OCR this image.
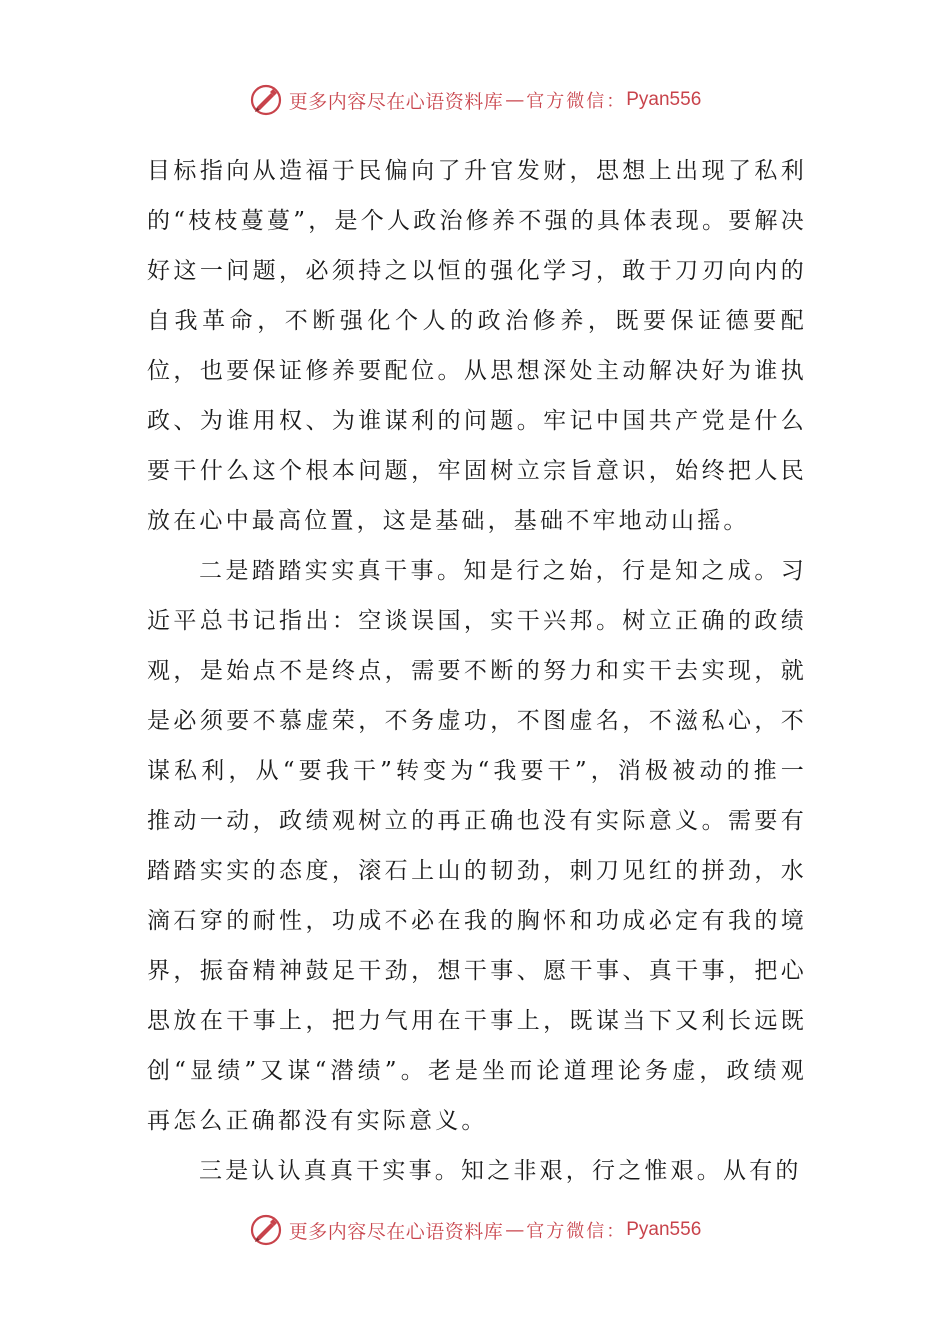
更多内容尽在心语资料库 — 官方微信： Pyan556

目标指向从造福于民偏向了升官发财，思想上出现了私利的“枝枝蔓蔓”，是个人政治修养不强的具体表现。要解决好这一问题，必须持之以恒的强化学习，敢于刀刃向内的自我革命，不断强化个人的政治修养，既要保证德要配位，也要保证修养要配位。从思想深处主动解决好为谁执政、为谁用权、为谁谋利的问题。牢记中国共产党是什么要干什么这个根本问题，牢固树立宗旨意识，始终把人民放在心中最高位置，这是基础，基础不牢地动山摇。

二是踏踏实实真干事。知是行之始，行是知之成。习近平总书记指出：空谈误国，实干兴邦。树立正确的政绩观，是始点不是终点，需要不断的努力和实干去实现，就是必须要不慕虚荣，不务虚功，不图虚名，不滋私心，不谋私利，从“要我干”转变为“我要干”，消极被动的推一推动一动，政绩观树立的再正确也没有实际意义。需要有踏踏实实的态度，滚石上山的韧劲，刺刀见红的拼劲，水滴石穿的耐性，功成不必在我的胸怀和功成必定有我的境界，振奋精神鼓足干劲，想干事、愿干事、真干事，把心思放在干事上，把力气用在干事上，既谋当下又利长远既创“显绩”又谋“潜绩”。老是坐而论道理论务虚，政绩观再怎么正确都没有实际意义。

三是认认真真干实事。知之非艰，行之惟艰。从有的

更多内容尽在心语资料库 — 官方微信： Pyan556
